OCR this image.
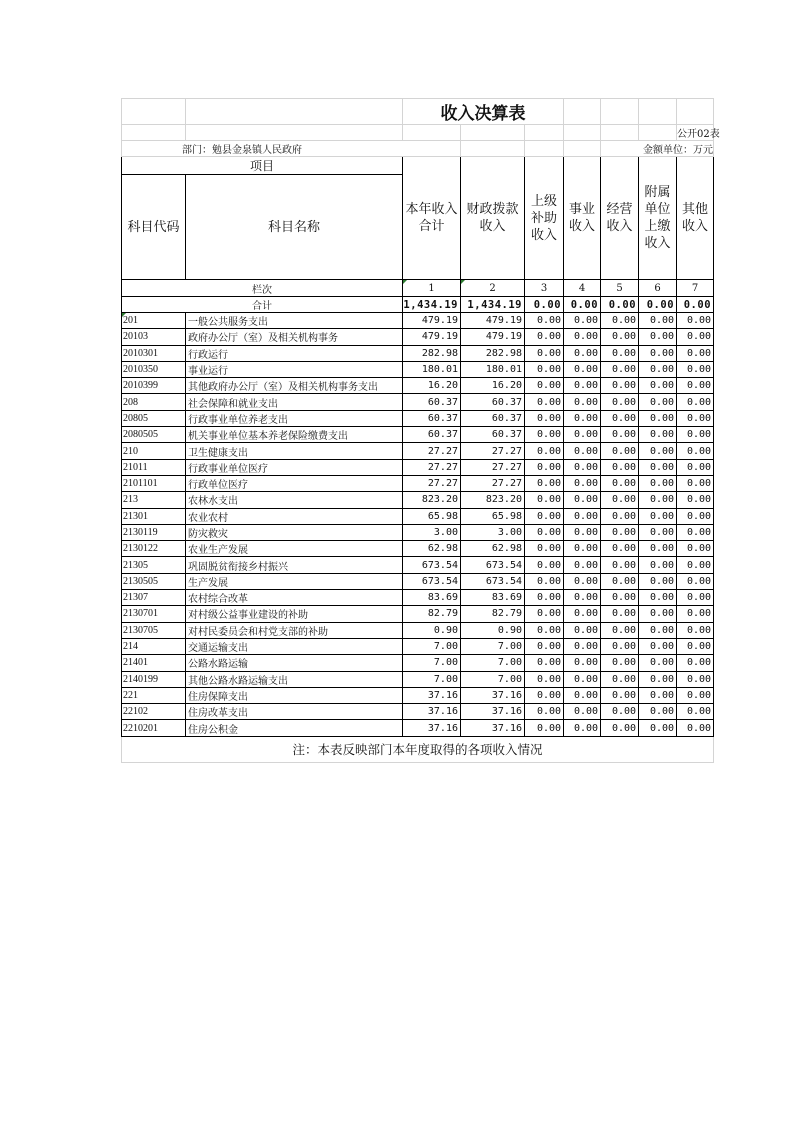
		收入决算表						
								公开02表
部门：勉县金泉镇人民政府						金额单位：万元		
项目		本年收入合计	财政拨款收入	上级补助收入	事业收入	经营收入	附属单位上缴收入	其他收入
科目代码	科目名称							
栏次		1	2	3	4	5	6	7
合计		1,434.19	1,434.19	0.00	0.00	0.00	0.00	0.00
201	一般公共服务支出	479.19	479.19	0.00	0.00	0.00	0.00	0.00
20103	政府办公厅（室）及相关机构事务	479.19	479.19	0.00	0.00	0.00	0.00	0.00
2010301	行政运行	282.98	282.98	0.00	0.00	0.00	0.00	0.00
2010350	事业运行	180.01	180.01	0.00	0.00	0.00	0.00	0.00
2010399	其他政府办公厅（室）及相关机构事务支出	16.20	16.20	0.00	0.00	0.00	0.00	0.00
208	社会保障和就业支出	60.37	60.37	0.00	0.00	0.00	0.00	0.00
20805	行政事业单位养老支出	60.37	60.37	0.00	0.00	0.00	0.00	0.00
2080505	机关事业单位基本养老保险缴费支出	60.37	60.37	0.00	0.00	0.00	0.00	0.00
210	卫生健康支出	27.27	27.27	0.00	0.00	0.00	0.00	0.00
21011	行政事业单位医疗	27.27	27.27	0.00	0.00	0.00	0.00	0.00
2101101	行政单位医疗	27.27	27.27	0.00	0.00	0.00	0.00	0.00
213	农林水支出	823.20	823.20	0.00	0.00	0.00	0.00	0.00
21301	农业农村	65.98	65.98	0.00	0.00	0.00	0.00	0.00
2130119	防灾救灾	3.00	3.00	0.00	0.00	0.00	0.00	0.00
2130122	农业生产发展	62.98	62.98	0.00	0.00	0.00	0.00	0.00
21305	巩固脱贫衔接乡村振兴	673.54	673.54	0.00	0.00	0.00	0.00	0.00
2130505	生产发展	673.54	673.54	0.00	0.00	0.00	0.00	0.00
21307	农村综合改革	83.69	83.69	0.00	0.00	0.00	0.00	0.00
2130701	对村级公益事业建设的补助	82.79	82.79	0.00	0.00	0.00	0.00	0.00
2130705	对村民委员会和村党支部的补助	0.90	0.90	0.00	0.00	0.00	0.00	0.00
214	交通运输支出	7.00	7.00	0.00	0.00	0.00	0.00	0.00
21401	公路水路运输	7.00	7.00	0.00	0.00	0.00	0.00	0.00
2140199	其他公路水路运输支出	7.00	7.00	0.00	0.00	0.00	0.00	0.00
221	住房保障支出	37.16	37.16	0.00	0.00	0.00	0.00	0.00
22102	住房改革支出	37.16	37.16	0.00	0.00	0.00	0.00	0.00
2210201	住房公积金	37.16	37.16	0.00	0.00	0.00	0.00	0.00
注：本表反映部门本年度取得的各项收入情况								
